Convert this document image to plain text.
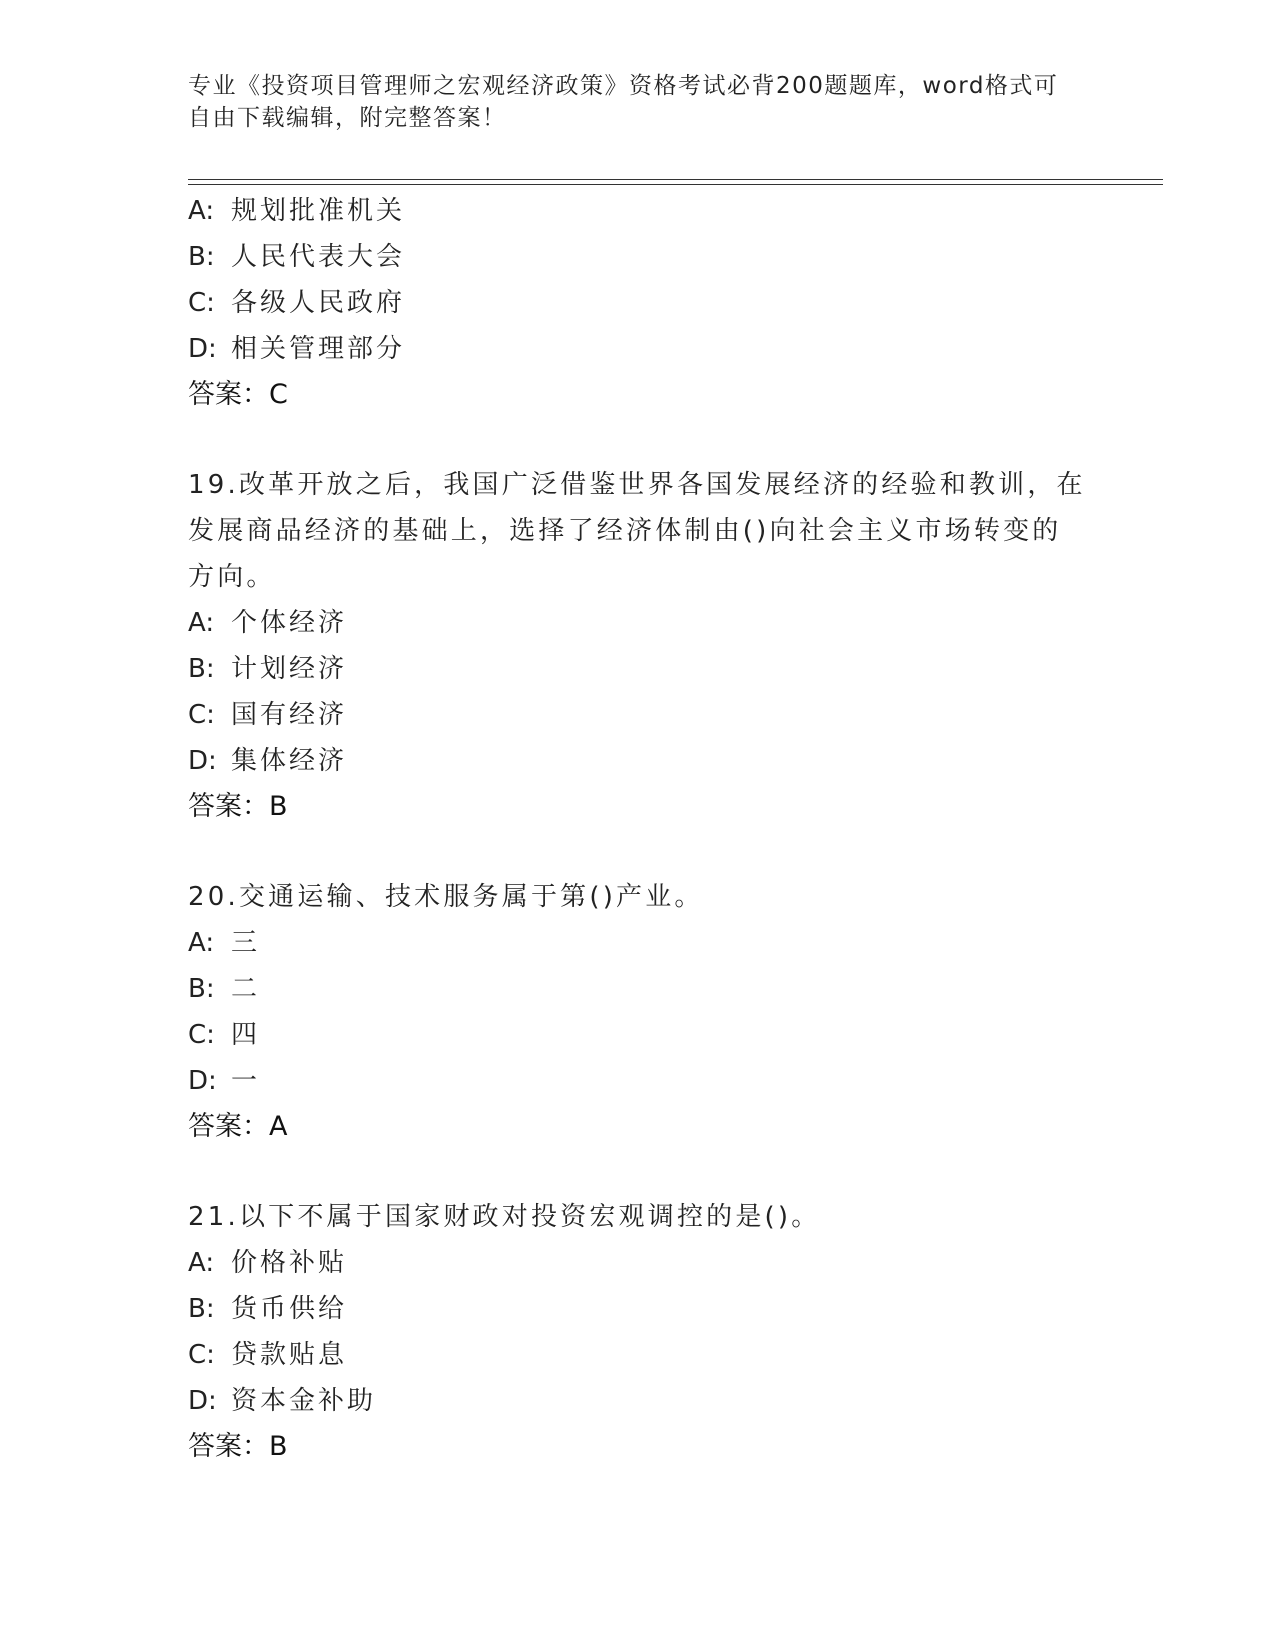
专业《投资项目管理师之宏观经济政策》资格考试必背200题题库，word格式可
自由下载编辑，附完整答案！
A: 规划批准机关
B: 人民代表大会
C: 各级人民政府
D: 相关管理部分
答案：C
19.改革开放之后，我国广泛借鉴世界各国发展经济的经验和教训，在
发展商品经济的基础上，选择了经济体制由()向社会主义市场转变的
方向。
A: 个体经济
B: 计划经济
C: 国有经济
D: 集体经济
答案：B
20.交通运输、技术服务属于第()产业。
A: 三
B: 二
C: 四
D: 一
答案：A
21.以下不属于国家财政对投资宏观调控的是()。
A: 价格补贴
B: 货币供给
C: 贷款贴息
D: 资本金补助
答案：B
